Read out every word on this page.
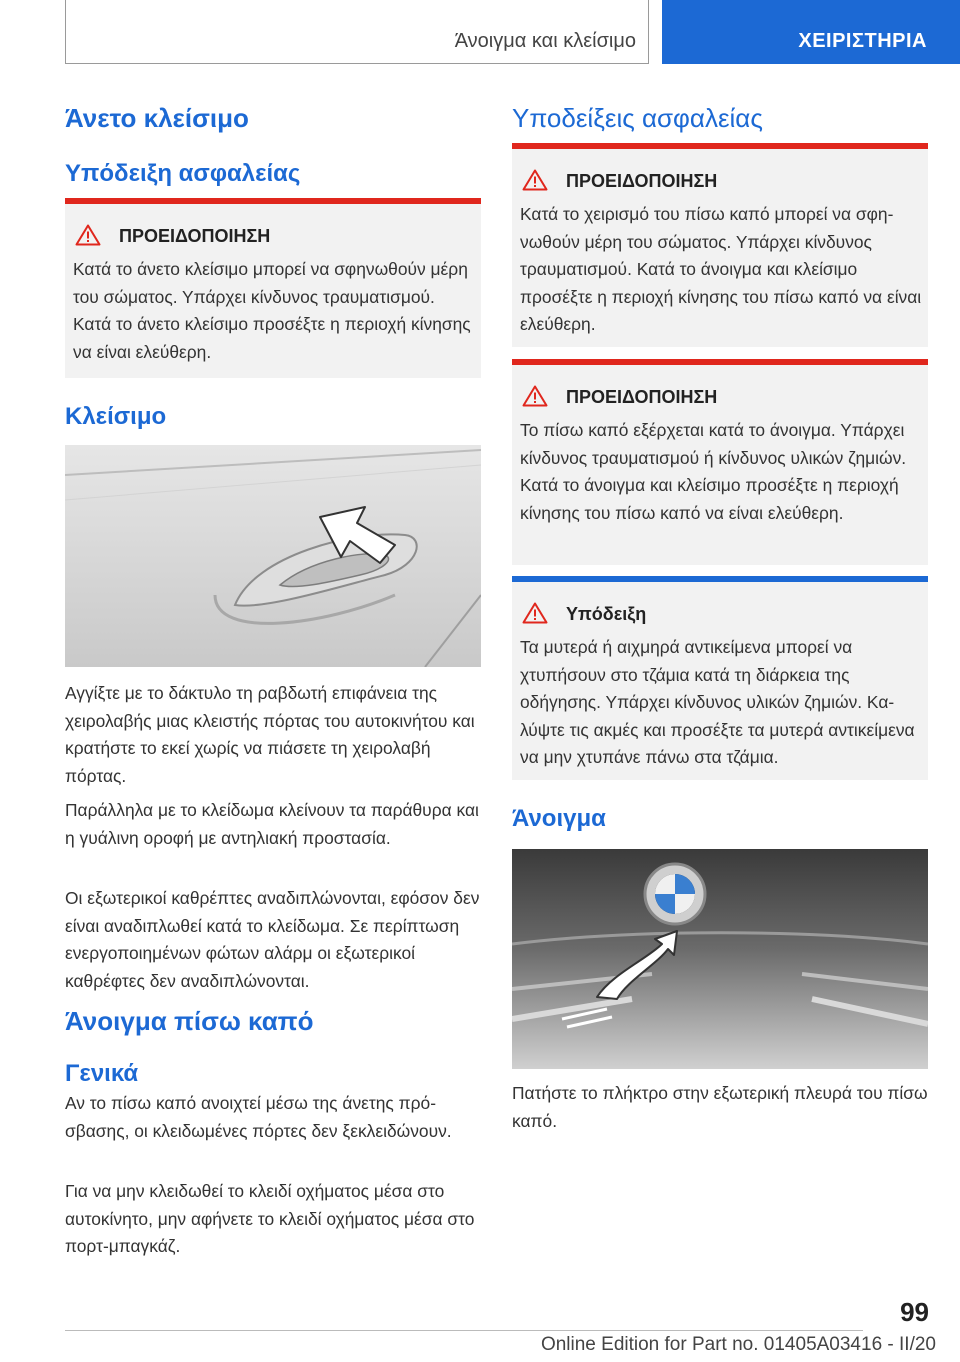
Άνοιγμα και κλείσιμο	ΧΕΙΡΙΣΤΗΡΙΑ
Άνετο κλείσιμο
Υπόδειξη ασφαλείας
ΠΡΟΕΙΔΟΠΟΙΗΣΗ

Κατά το άνετο κλείσιμο μπορεί να σφηνωθούν μέρη του σώματος. Υπάρχει κίνδυνος τραυματισμού. Κατά το άνετο κλείσιμο προσέξτε η περιοχή κίνησης να είναι ελεύθερη.

Κλείσιμο

Αγγίξτε με το δάκτυλο τη ραβδωτή επιφάνεια της χειρολαβής μιας κλειστής πόρτας του αυτοκινήτου και κρατήστε το εκεί χωρίς να πιάσετε τη χειρολαβή πόρτας.

Παράλληλα με το κλείδωμα κλείνουν τα παράθυρα και η γυάλινη οροφή με αντηλιακή προστασία.

Οι εξωτερικοί καθρέπτες αναδιπλώνονται, εφόσον δεν είναι αναδιπλωθεί κατά το κλείδωμα. Σε περίπτωση ενεργοποιημένων φώτων αλάρμ οι εξωτερικοί καθρέφτες δεν αναδιπλώνονται.

Άνοιγμα πίσω καπό
Γενικά

Αν το πίσω καπό ανοιχτεί μέσω της άνετης πρόσβασης, οι κλειδωμένες πόρτες δεν ξεκλειδώνουν.

Για να μην κλειδωθεί το κλειδί οχήματος μέσα στο αυτοκίνητο, μην αφήνετε το κλειδί οχήματος μέσα στο πορτ-μπαγκάζ.

Υποδείξεις ασφαλείας
ΠΡΟΕΙΔΟΠΟΙΗΣΗ

Κατά το χειρισμό του πίσω καπό μπορεί να σφηνωθούν μέρη του σώματος. Υπάρχει κίνδυνος τραυματισμού. Κατά το άνοιγμα και κλείσιμο προσέξτε η περιοχή κίνησης του πίσω καπό να είναι ελεύθερη.

ΠΡΟΕΙΔΟΠΟΙΗΣΗ

Το πίσω καπό εξέρχεται κατά το άνοιγμα. Υπάρχει κίνδυνος τραυματισμού ή κίνδυνος υλικών ζημιών. Κατά το άνοιγμα και κλείσιμο προσέξτε η περιοχή κίνησης του πίσω καπό να είναι ελεύθερη.

Υπόδειξη

Τα μυτερά ή αιχμηρά αντικείμενα μπορεί να χτυπήσουν στο τζάμια κατά τη διάρκεια της οδήγησης. Υπάρχει κίνδυνος υλικών ζημιών. Καλύψτε τις ακμές και προσέξτε τα μυτερά αντικείμενα να μην χτυπάνε πάνω στα τζάμια.

Άνοιγμα

Πατήστε το πλήκτρο στην εξωτερική πλευρά του πίσω καπό.

99
Online Edition for Part no. 01405A03416 - II/20
